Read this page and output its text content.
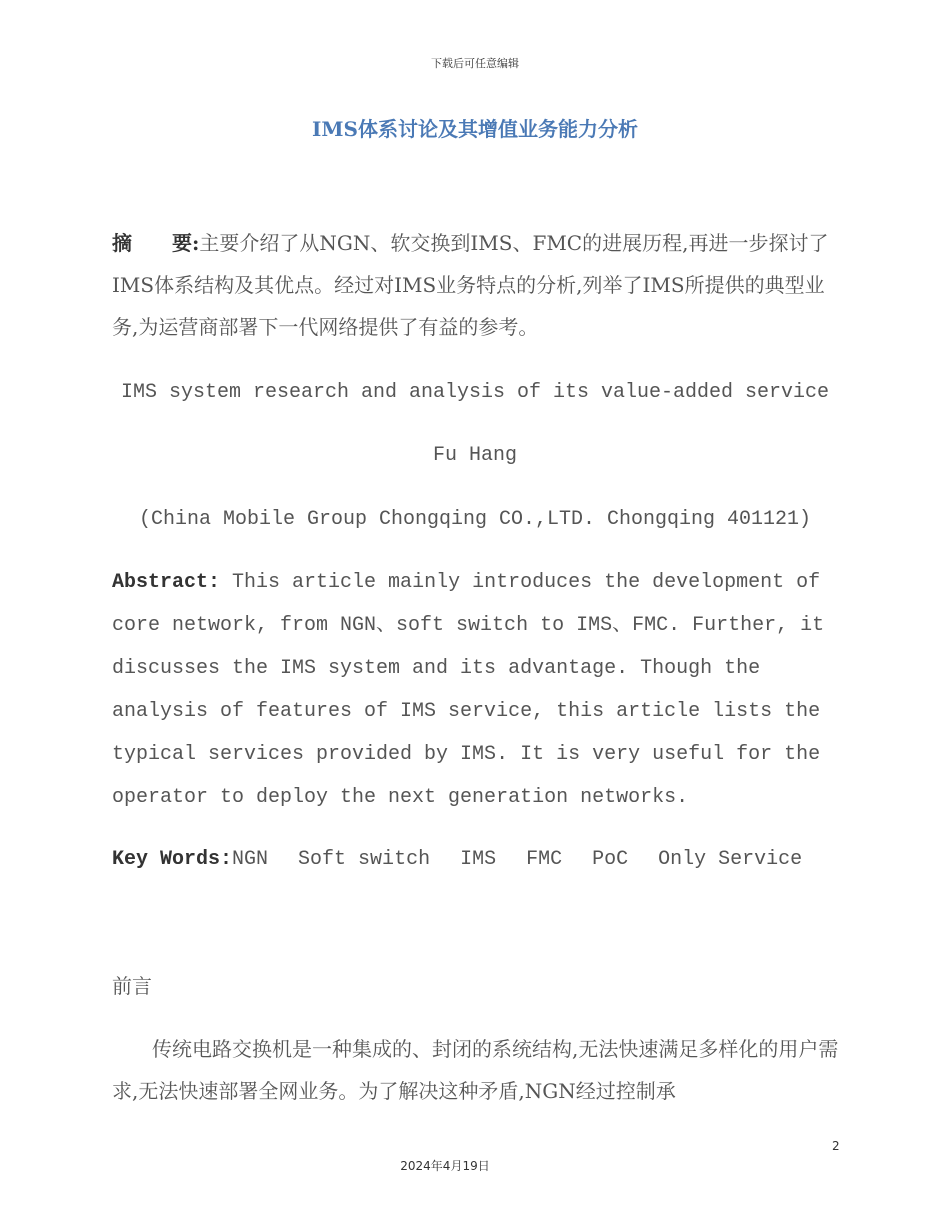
下载后可任意编辑
IMS体系讨论及其增值业务能力分析
摘　　要:主要介绍了从NGN、软交换到IMS、FMC的进展历程,再进一步探讨了IMS体系结构及其优点。经过对IMS业务特点的分析,列举了IMS所提供的典型业务,为运营商部署下一代网络提供了有益的参考。
IMS system research and analysis of its value-added service
Fu Hang
(China Mobile Group Chongqing CO.,LTD. Chongqing 401121)
Abstract: This article mainly introduces the development of core network, from NGN、soft switch to IMS、FMC. Further, it discusses the IMS system and its advantage. Though the analysis of features of IMS service, this article lists the typical services provided by IMS. It is very useful for the operator to deploy the next generation networks.
Key Words:NGN Soft switch IMS FMC PoC Only Service
前言
传统电路交换机是一种集成的、封闭的系统结构,无法快速满足多样化的用户需求,无法快速部署全网业务。为了解决这种矛盾,NGN经过控制承
2
2024年4月19日
